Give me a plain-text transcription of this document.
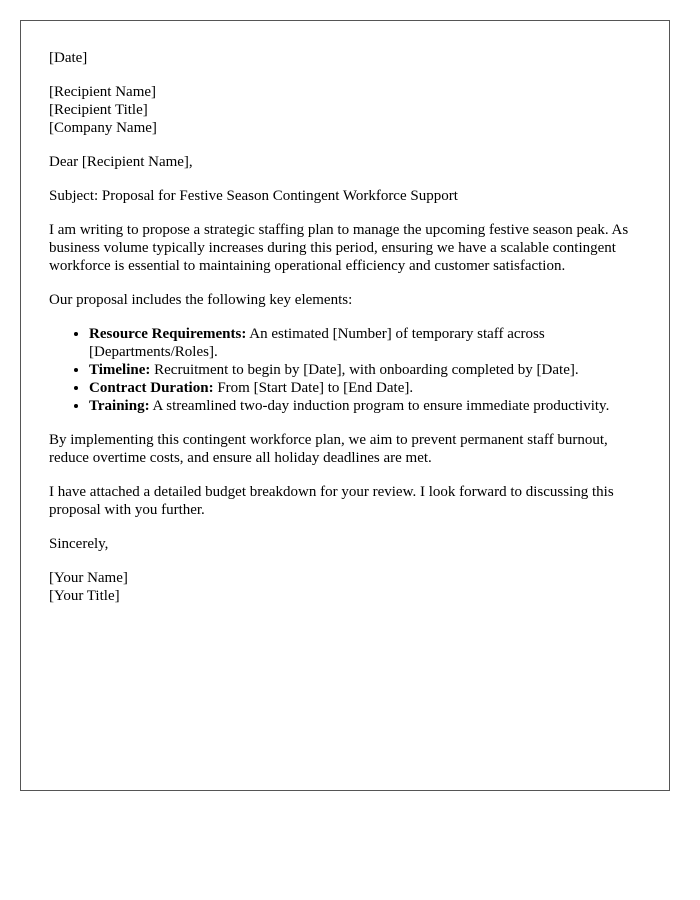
[Date]

[Recipient Name]
[Recipient Title]
[Company Name]

Dear [Recipient Name],

Subject: Proposal for Festive Season Contingent Workforce Support

I am writing to propose a strategic staffing plan to manage the upcoming festive season peak. As business volume typically increases during this period, ensuring we have a scalable contingent workforce is essential to maintaining operational efficiency and customer satisfaction.

Our proposal includes the following key elements:

• Resource Requirements: An estimated [Number] of temporary staff across [Departments/Roles].
• Timeline: Recruitment to begin by [Date], with onboarding completed by [Date].
• Contract Duration: From [Start Date] to [End Date].
• Training: A streamlined two-day induction program to ensure immediate productivity.

By implementing this contingent workforce plan, we aim to prevent permanent staff burnout, reduce overtime costs, and ensure all holiday deadlines are met.

I have attached a detailed budget breakdown for your review. I look forward to discussing this proposal with you further.

Sincerely,

[Your Name]
[Your Title]
